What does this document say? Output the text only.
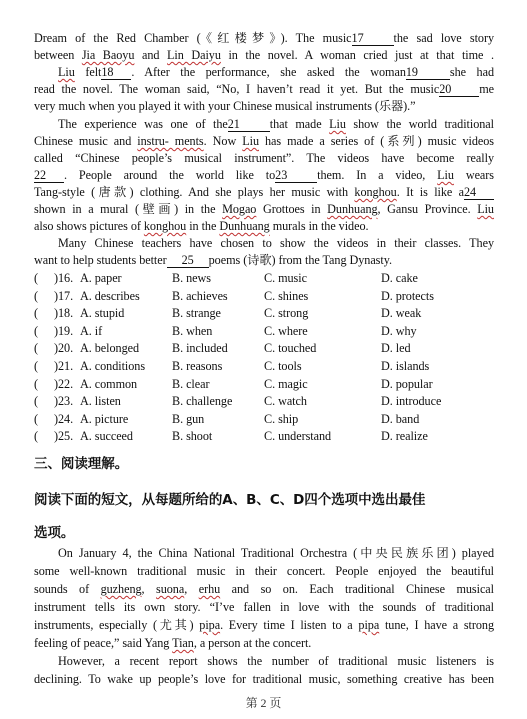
Dream of the Red Chamber (《红楼梦》). The music17 the sad love story
between Jia Baoyu and Lin Daiyu in the novel. A woman cried just at that time .
Liu felt18 . After the performance, she asked the woman19	she had
read the novel. The woman said, “No, I haven’t read it yet. But the music20 me
very much when you played it with your Chinese musical instruments (乐器).”
The experience was one of the21 that made Liu show the world traditional
Chinese music and instru- ments. Now Liu has made a series of (系列) music videos
called “Chinese people’s musical instrument”. The videos have become really
22 . People around the world like to23 them. In a video, Liu wears
Tang-style (唐款) clothing. And she plays her music with konghou. It is like a24
shown in a mural (壁画) in the Mogao Grottoes in Dunhuang, Gansu Province. Liu
also shows pictures of konghou in the Dunhuang murals in the video.
Many Chinese teachers have chosen to show the videos in their classes. They
want to help students better 25 poems (诗歌) from the Tang Dynasty.
( ) 16. A. paper	B. news	C. music	D. cake
( ) 17. A. describes	B. achieves	C. shines	D. protects
( ) 18. A. stupid	B. strange	C. strong	D. weak
( ) 19. A. if	B. when	C. where	D. why
( ) 20. A. belonged	B. included	C. touched	D. led
( ) 21. A. conditions B. reasons	C. tools	D. islands
( ) 22. A. common	B. clear	C. magic	D. popular
( ) 23. A. listen	B. challenge	C. watch	D. introduce
( ) 24. A. picture	B. gun	C. ship	D. band
( ) 25. A. succeed	B. shoot	C. understand	D. realize
三、阅读理解。
阅读下面的短文，从每题所给的A、B、C、D四个选项中选出最佳
选项。
On January 4, the China National Traditional Orchestra (中央民族乐团) played
some well-known traditional music in their concert. People enjoyed the beautiful
sounds of guzheng, suona, erhu and so on. Each traditional Chinese musical
instrument tells its own story. “I’ve fallen in love with the sounds of traditional
instruments, especially (尤其) pipa. Every time I listen to a pipa tune, I have a strong
feeling of peace,” said Yang Tian, a person at the concert.
However, a recent report shows the number of traditional music listeners is
declining. To wake up people’s love for traditional music, something creative has been
第 2 页
